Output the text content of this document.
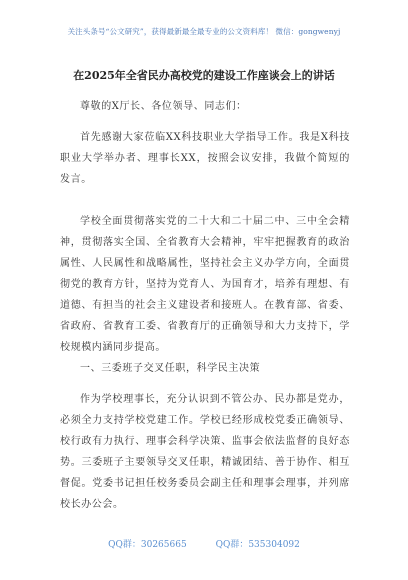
关注头条号“公文研究”，获得最新最全最专业的公文资料库！ 微信：gongwenyj
在2025年全省民办高校党的建设工作座谈会上的讲话
尊敬的X厅长、各位领导、同志们：

首先感谢大家莅临XX科技职业大学指导工作。我是X科技职业大学举办者、理事长XX，按照会议安排，我做个简短的发言。

学校全面贯彻落实党的二十大和二十届二中、三中全会精神，贯彻落实全国、全省教育大会精神，牢牢把握教育的政治属性、人民属性和战略属性，坚持社会主义办学方向，全面贯彻党的教育方针，坚持为党育人、为国育才，培养有理想、有道德、有担当的社会主义建设者和接班人。在教育部、省委、省政府、省教育工委、省教育厅的正确领导和大力支持下，学校规模内涵同步提高。

一、三委班子交叉任职，科学民主决策

作为学校理事长，充分认识到不管公办、民办都是党办，必须全力支持学校党建工作。学校已经形成校党委正确领导、校行政有力执行、理事会科学决策、监事会依法监督的良好态势。三委班子主要领导交叉任职，精诚团结、善于协作、相互督促。党委书记担任校务委员会副主任和理事会理事，并列席校长办公会。

QQ群：30265665	QQ群：535304092
